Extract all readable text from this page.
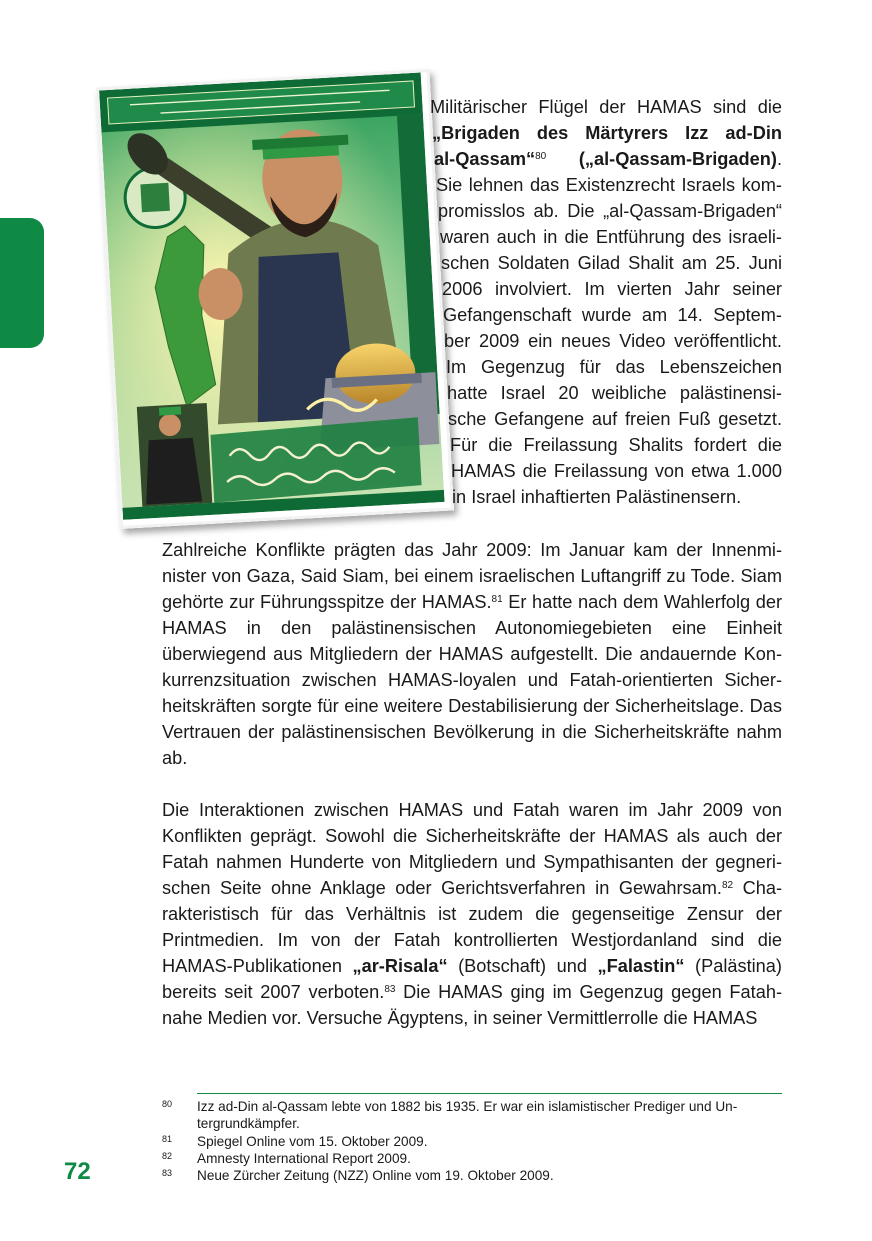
Militärischer Flügel der HAMAS sind die

„Brigaden des Märtyrers Izz ad-Din

al-Qassam“$^{80}$ („al-Qassam-Brigaden).

Sie lehnen das Existenzrecht Israels kom-

promisslos ab. Die „al-Qassam-Brigaden“

waren auch in die Entführung des israeli-

schen Soldaten Gilad Shalit am 25. Juni

2006 involviert. Im vierten Jahr seiner

Gefangenschaft wurde am 14. Septem-

ber 2009 ein neues Video veröffentlicht.

Im Gegenzug für das Lebenszeichen

hatte Israel 20 weibliche palästinensi-

sche Gefangene auf freien Fuß gesetzt.

Für die Freilassung Shalits fordert die

HAMAS die Freilassung von etwa 1.000

in Israel inhaftierten Palästinensern.

Zahlreiche Konflikte prägten das Jahr 2009: Im Januar kam der Innenminister von Gaza, Said Siam, bei einem israelischen Luftangriff zu Tode. Siam gehörte zur Führungsspitze der HAMAS.$^{81}$ Er hatte nach dem Wahlerfolg der HAMAS in den palästinensischen Autonomiegebieten eine Einheit überwiegend aus Mitgliedern der HAMAS aufgestellt. Die andauernde Konkurrenzsituation zwischen HAMAS-loyalen und Fatah-orientierten Sicherheitskräften sorgte für eine weitere Destabilisierung der Sicherheitslage. Das Vertrauen der palästinensischen Bevölkerung in die Sicherheitskräfte nahm ab.

Die Interaktionen zwischen HAMAS und Fatah waren im Jahr 2009 von Konflikten geprägt. Sowohl die Sicherheitskräfte der HAMAS als auch der Fatah nahmen Hunderte von Mitgliedern und Sympathisanten der gegnerischen Seite ohne Anklage oder Gerichtsverfahren in Gewahrsam.$^{82}$ Charakteristisch für das Verhältnis ist zudem die gegenseitige Zensur der Printmedien. Im von der Fatah kontrollierten Westjordanland sind die HAMAS-Publikationen „ar-Risala“ (Botschaft) und „Falastin“ (Palästina) bereits seit 2007 verboten.$^{83}$ Die HAMAS ging im Gegenzug gegen Fatahnahe Medien vor. Versuche Ägyptens, in seiner Vermittlerrolle die HAMAS

80 Izz ad-Din al-Qassam lebte von 1882 bis 1935. Er war ein islamistischer Prediger und Untergrundkämpfer.
81 Spiegel Online vom 15. Oktober 2009.
82 Amnesty International Report 2009.
83 Neue Zürcher Zeitung (NZZ) Online vom 19. Oktober 2009.
72
